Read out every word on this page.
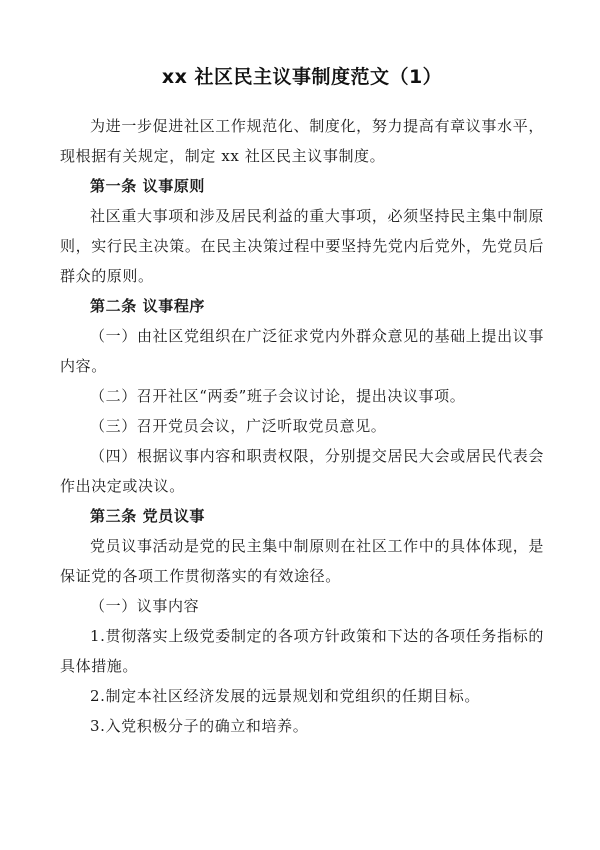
xx 社区民主议事制度范文（1）

为进一步促进社区工作规范化、制度化，努力提高有章议事水平，现根据有关规定，制定 xx 社区民主议事制度。

第一条 议事原则

社区重大事项和涉及居民利益的重大事项，必须坚持民主集中制原则，实行民主决策。在民主决策过程中要坚持先党内后党外，先党员后群众的原则。

第二条 议事程序

（一）由社区党组织在广泛征求党内外群众意见的基础上提出议事内容。

（二）召开社区“两委”班子会议讨论，提出决议事项。

（三）召开党员会议，广泛听取党员意见。

（四）根据议事内容和职责权限，分别提交居民大会或居民代表会作出决定或决议。

第三条 党员议事

党员议事活动是党的民主集中制原则在社区工作中的具体体现，是保证党的各项工作贯彻落实的有效途径。

（一）议事内容

1.贯彻落实上级党委制定的各项方针政策和下达的各项任务指标的具体措施。

2.制定本社区经济发展的远景规划和党组织的任期目标。

3.入党积极分子的确立和培养。
